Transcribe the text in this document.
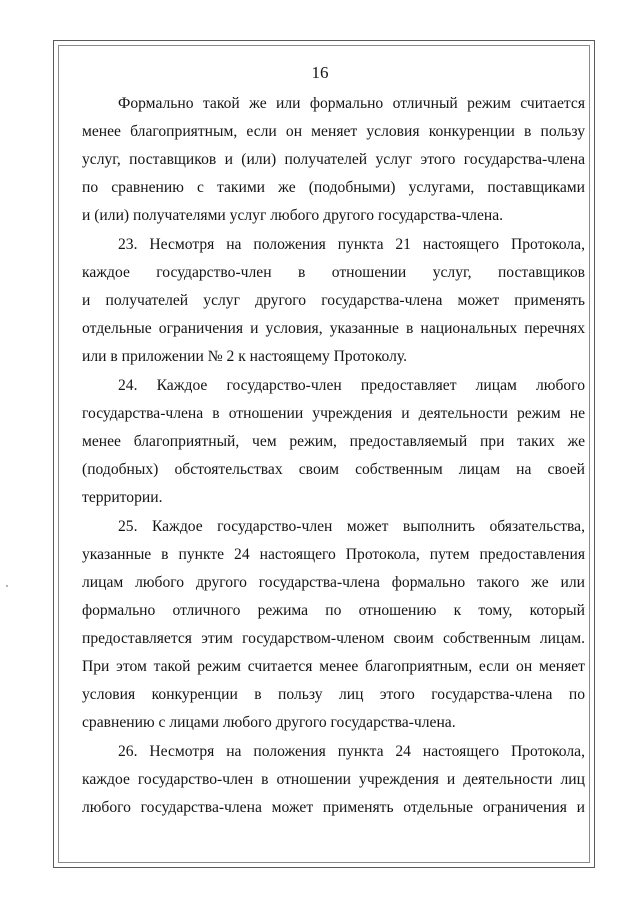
16
Формально такой же или формально отличный режим считается
менее благоприятным, если он меняет условия конкуренции в пользу
услуг, поставщиков и (или) получателей услуг этого государства-члена
по сравнению с такими же (подобными) услугами, поставщиками
и (или) получателями услуг любого другого государства-члена.
23. Несмотря на положения пункта 21 настоящего Протокола,
каждое государство-член в отношении услуг, поставщиков
и получателей услуг другого государства-члена может применять
отдельные ограничения и условия, указанные в национальных перечнях
или в приложении № 2 к настоящему Протоколу.
24. Каждое государство-член предоставляет лицам любого
государства-члена в отношении учреждения и деятельности режим не
менее благоприятный, чем режим, предоставляемый при таких же
(подобных) обстоятельствах своим собственным лицам на своей
территории.
25. Каждое государство-член может выполнить обязательства,
указанные в пункте 24 настоящего Протокола, путем предоставления
лицам любого другого государства-члена формально такого же или
формально отличного режима по отношению к тому, который
предоставляется этим государством-членом своим собственным лицам.
При этом такой режим считается менее благоприятным, если он меняет
условия конкуренции в пользу лиц этого государства-члена по
сравнению с лицами любого другого государства-члена.
26. Несмотря на положения пункта 24 настоящего Протокола,
каждое государство-член в отношении учреждения и деятельности лиц
любого государства-члена может применять отдельные ограничения и
